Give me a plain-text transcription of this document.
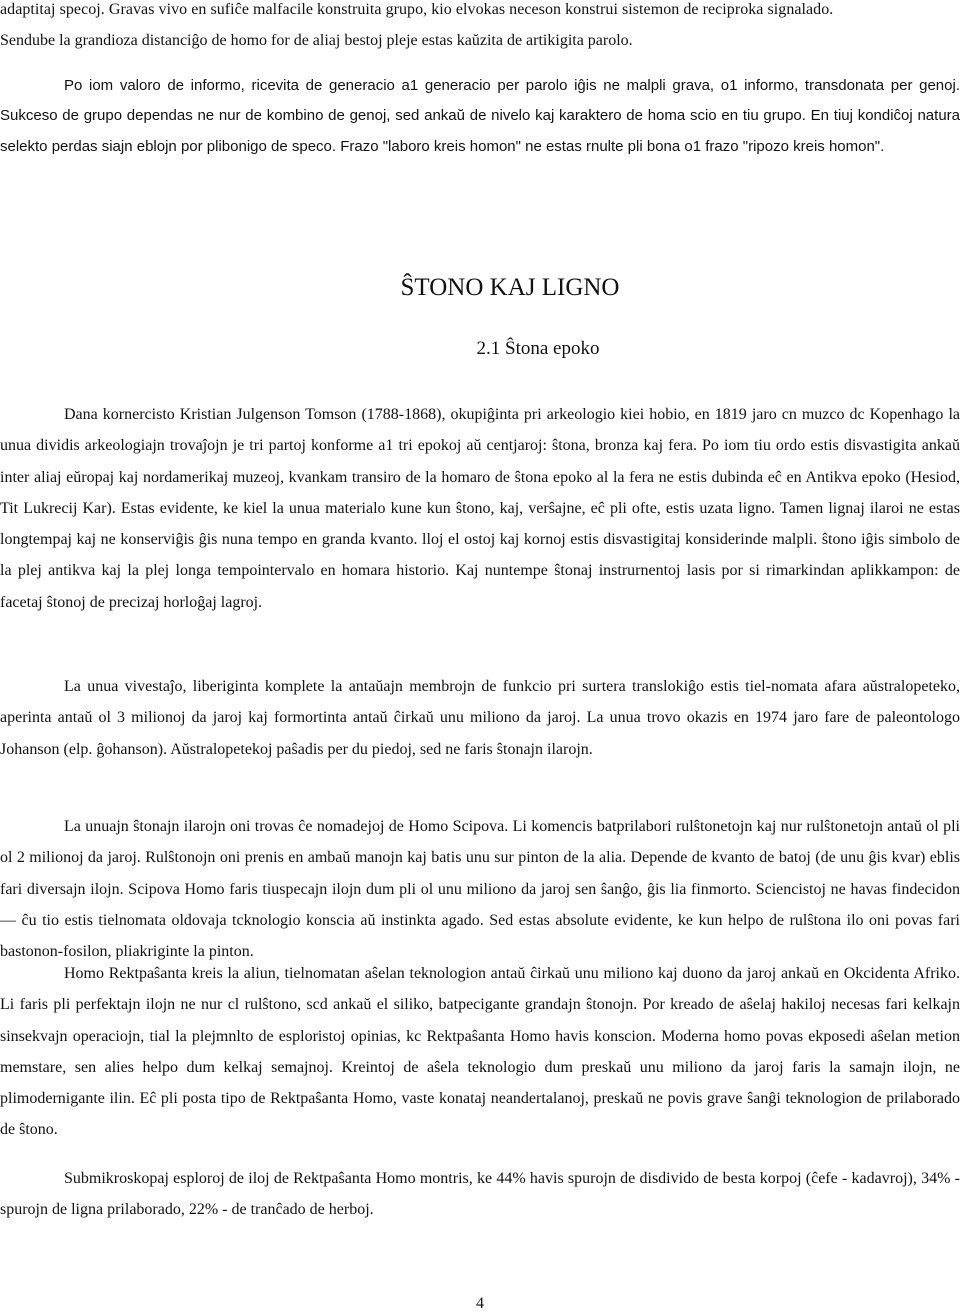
adaptitaj specoj. Gravas vivo en sufiĉe malfacile konstruita grupo, kio elvokas neceson konstrui sistemon de reciproka signalado.

Sendube la grandioza distanciĝo de homo for de aliaj bestoj pleje estas kaŭzita de artikigita parolo.

Po iom valoro de informo, ricevita de generacio a1 generacio per parolo iĝis ne malpli grava, o1 informo, transdonata per genoj. Sukceso de grupo dependas ne nur de kombino de genoj, sed ankaŭ de nivelo kaj karaktero de homa scio en tiu grupo. En tiuj kondiĉoj natura selekto perdas siajn eblojn por plibonigo de speco. Frazo "laboro kreis homon" ne estas rnulte pli bona o1 frazo "ripozo kreis homon".

ŜTONO KAJ LIGNO
2.1 Ŝtona epoko

Dana kornercisto Kristian Julgenson Tomson (1788-1868), okupiĝinta pri arkeologio kiei hobio, en 1819 jaro cn muzco dc Kopenhago la unua dividis arkeologiajn trovaĵojn je tri partoj konforme a1 tri epokoj aŭ centjaroj: ŝtona, bronza kaj fera. Po iom tiu ordo estis disvastigita ankaŭ inter aliaj eŭropaj kaj nordamerikaj muzeoj, kvankam transiro de la homaro de ŝtona epoko al la fera ne estis dubinda eĉ en Antikva epoko (Hesiod, Tit Lukrecij Kar). Estas evidente, ke kiel la unua materialo kune kun ŝtono, kaj, verŝajne, eĉ pli ofte, estis uzata ligno. Tamen lignaj ilaroi ne estas longtempaj kaj ne konserviĝis ĝis nuna tempo en granda kvanto. lloj el ostoj kaj kornoj estis disvastigitaj konsiderinde malpli. ŝtono iĝis simbolo de la plej antikva kaj la plej longa tempointervalo en homara historio. Kaj nuntempe ŝtonaj instrurnentoj lasis por si rimarkindan aplikkampon: de facetaj ŝtonoj de precizaj horloĝaj lagroj.

La unua vivestaĵo, liberiginta komplete la antaŭajn membrojn de funkcio pri surtera translokiĝo estis tiel-nomata afara aŭstralopeteko, aperinta antaŭ ol 3 milionoj da jaroj kaj formortinta antaŭ ĉirkaŭ unu miliono da jaroj. La unua trovo okazis en 1974 jaro fare de paleontologo Johanson (elp. ĝohanson). Aŭstralopetekoj paŝadis per du piedoj, sed ne faris ŝtonajn ilarojn.

La unuajn ŝtonajn ilarojn oni trovas ĉe nomadejoj de Homo Scipova. Li komencis batprilabori rulŝtonetojn kaj nur rulŝtonetojn antaŭ ol pli ol 2 milionoj da jaroj. Rulŝtonojn oni prenis en ambaŭ manojn kaj batis unu sur pinton de la alia. Depende de kvanto de batoj (de unu ĝis kvar) eblis fari diversajn ilojn. Scipova Homo faris tiuspecajn ilojn dum pli ol unu miliono da jaroj sen ŝanĝo, ĝis lia finmorto. Sciencistoj ne havas findecidon — ĉu tio estis tielnomata oldovaja tcknologio konscia aŭ instinkta agado. Sed estas absolute evidente, ke kun helpo de rulŝtona ilo oni povas fari bastonon-fosilon, pliakriginte la pinton.

Homo Rektpaŝanta kreis la aliun, tielnomatan aŝelan teknologion antaŭ ĉirkaŭ unu miliono kaj duono da jaroj ankaŭ en Okcidenta Afriko. Li faris pli perfektajn ilojn ne nur cl rulŝtono, scd ankaŭ el siliko, batpecigante grandajn ŝtonojn. Por kreado de aŝelaj hakiloj necesas fari kelkajn sinsekvajn operaciojn, tial la plejmnlto de esploristoj opinias, kc Rektpaŝanta Homo havis konscion. Moderna homo povas ekposedi aŝelan metion memstare, sen alies helpo dum kelkaj semajnoj. Kreintoj de aŝela teknologio dum preskaŭ unu miliono da jaroj faris la samajn ilojn, ne plimodernigante ilin. Eĉ pli posta tipo de Rektpaŝanta Homo, vaste konataj neandertalanoj, preskaŭ ne povis grave ŝanĝi teknologion de prilaborado de ŝtono.

Submikroskopaj esploroj de iloj de Rektpaŝanta Homo montris, ke 44% havis spurojn de disdivido de besta korpoj (ĉefe - kadavroj), 34% - spurojn de ligna prilaborado, 22% - de tranĉado de herboj.

4
